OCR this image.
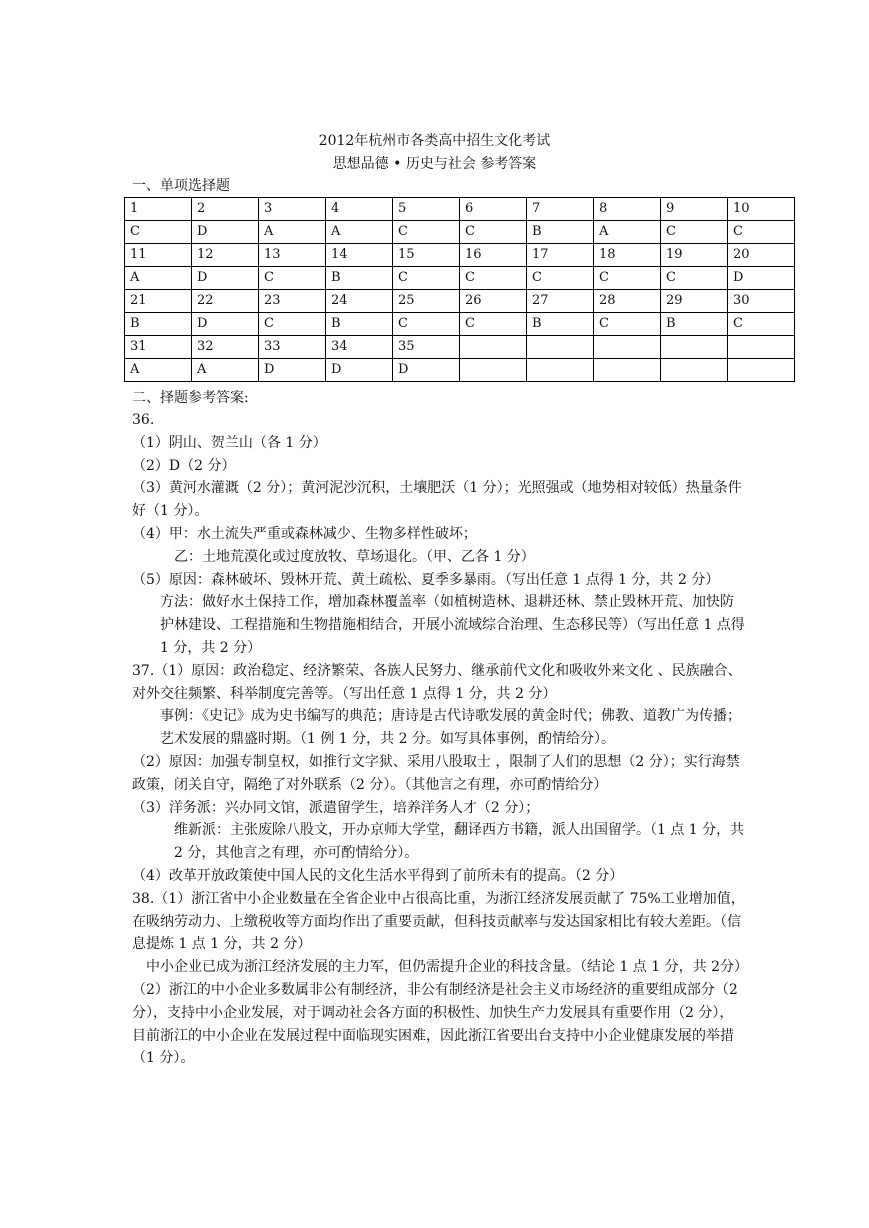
2012年杭州市各类高中招生文化考试
思想品德 • 历史与社会 参考答案
一、单项选择题
1	2	3	4	5	6	7	8	9	10
C	D	A	A	C	C	B	A	C	C
11	12	13	14	15	16	17	18	19	20
A	D	C	B	C	C	C	C	C	D
21	22	23	24	25	26	27	28	29	30
B	D	C	B	C	C	B	C	B	C
31	32	33	34	35					
A	A	D	D	D					
二、择题参考答案:

36.

（1）阴山、贺兰山（各 1 分）

（2）D（2 分）

（3）黄河水灌溉（2 分）；黄河泥沙沉积，土壤肥沃（1 分）；光照强或（地势相对较低）热量条件好（1 分）。

（4）甲：水土流失严重或森林减少、生物多样性破坏；

乙：土地荒漠化或过度放牧、草场退化。（甲、乙各 1 分）

（5）原因：森林破坏、毁林开荒、黄土疏松、夏季多暴雨。（写出任意 1 点得 1 分，共 2 分）

方法：做好水土保持工作，增加森林覆盖率（如植树造林、退耕还林、禁止毁林开荒、加快防护林建设、工程措施和生物措施相结合，开展小流域综合治理、生态移民等）（写出任意 1 点得 1 分，共 2 分）

37.（1）原因：政治稳定、经济繁荣、各族人民努力、继承前代文化和吸收外来文化 、民族融合、对外交往频繁、科举制度完善等。（写出任意 1 点得 1 分，共 2 分）

事例：《史记》成为史书编写的典范；唐诗是古代诗歌发展的黄金时代；佛教、道教广为传播；艺术发展的鼎盛时期。（1 例 1 分，共 2 分。如写具体事例，酌情给分）。

（2）原因：加强专制皇权，如推行文字狱、采用八股取士 ，限制了人们的思想（2 分）；实行海禁政策，闭关自守，隔绝了对外联系（2 分）。（其他言之有理，亦可酌情给分）

（3）洋务派：兴办同文馆，派遣留学生，培养洋务人才（2 分）；

维新派：主张废除八股文，开办京师大学堂，翻译西方书籍，派人出国留学。（1 点 1 分，共 2 分，其他言之有理，亦可酌情给分）。

（4）改革开放政策使中国人民的文化生活水平得到了前所未有的提高。（2 分）

38.（1）浙江省中小企业数量在全省企业中占很高比重，为浙江经济发展贡献了 75%工业增加值，在吸纳劳动力、上缴税收等方面均作出了重要贡献，但科技贡献率与发达国家相比有较大差距。（信息提炼 1 点 1 分，共 2 分）

中小企业已成为浙江经济发展的主力军，但仍需提升企业的科技含量。（结论 1 点 1 分，共 2分）

（2）浙江的中小企业多数属非公有制经济，非公有制经济是社会主义市场经济的重要组成部分（2 分），支持中小企业发展，对于调动社会各方面的积极性、加快生产力发展具有重要作用（2 分），目前浙江的中小企业在发展过程中面临现实困难，因此浙江省要出台支持中小企业健康发展的举措（1 分）。
